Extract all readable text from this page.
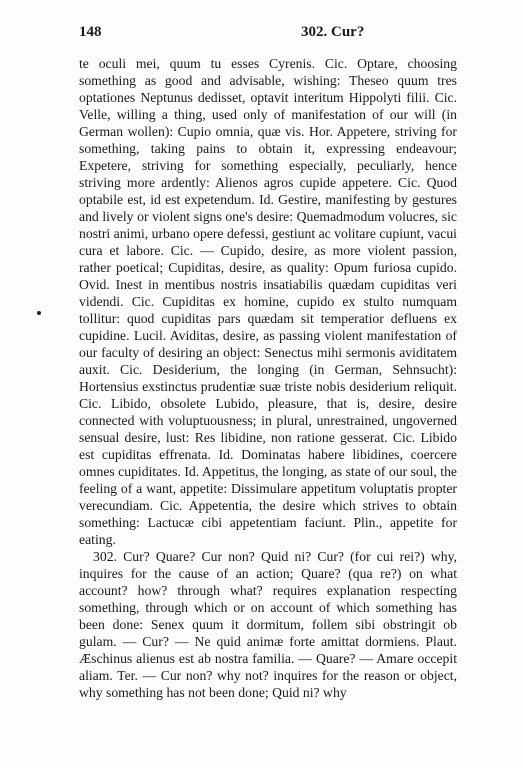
148	302. Cur?

te oculi mei, quum tu esses Cyrenis. Cic. Optare, choosing something as good and advisable, wishing: Theseo quum tres optationes Neptunus dedisset, optavit interitum Hippolyti filii. Cic. Velle, willing a thing, used only of manifestation of our will (in German wollen): Cupio omnia, quæ vis. Hor. Appetere, striving for something, taking pains to obtain it, expressing endeavour; Expetere, striving for something especially, peculiarly, hence striving more ardently: Alienos agros cupide appetere. Cic. Quod optabile est, id est expetendum. Id. Gestire, manifesting by gestures and lively or violent signs one's desire: Quemadmodum volucres, sic nostri animi, urbano opere defessi, gestiunt ac volitare cupiunt, vacui cura et labore. Cic. — Cupido, desire, as more violent passion, rather poetical; Cupiditas, desire, as quality: Opum furiosa cupido. Ovid. Inest in mentibus nostris insatiabilis quædam cupiditas veri videndi. Cic. Cupiditas ex homine, cupido ex stulto numquam tollitur: quod cupiditas pars quædam sit temperatior defluens ex cupidine. Lucil. Aviditas, desire, as passing violent manifestation of our faculty of desiring an object: Senectus mihi sermonis aviditatem auxit. Cic. Desiderium, the longing (in German, Sehnsucht): Hortensius exstinctus prudentiæ suæ triste nobis desiderium reliquit. Cic. Libido, obsolete Lubido, pleasure, that is, desire, desire connected with voluptuousness; in plural, unrestrained, ungoverned sensual desire, lust: Res libidine, non ratione gesserat. Cic. Libido est cupiditas effrenata. Id. Dominatas habere libidines, coercere omnes cupiditates. Id. Appetitus, the longing, as state of our soul, the feeling of a want, appetite: Dissimulare appetitum voluptatis propter verecundiam. Cic. Appetentia, the desire which strives to obtain something: Lactucæ cibi appetentiam faciunt. Plin., appetite for eating.

302. Cur? Quare? Cur non? Quid ni? Cur? (for cui rei?) why, inquires for the cause of an action; Quare? (qua re?) on what account? how? through what? requires explanation respecting something, through which or on account of which something has been done: Senex quum it dormitum, follem sibi obstringit ob gulam. — Cur? — Ne quid animæ forte amittat dormiens. Plaut. Æschinus alienus est ab nostra familia. — Quare? — Amare occepit aliam. Ter. — Cur non? why not? inquires for the reason or object, why something has not been done; Quid ni? why
